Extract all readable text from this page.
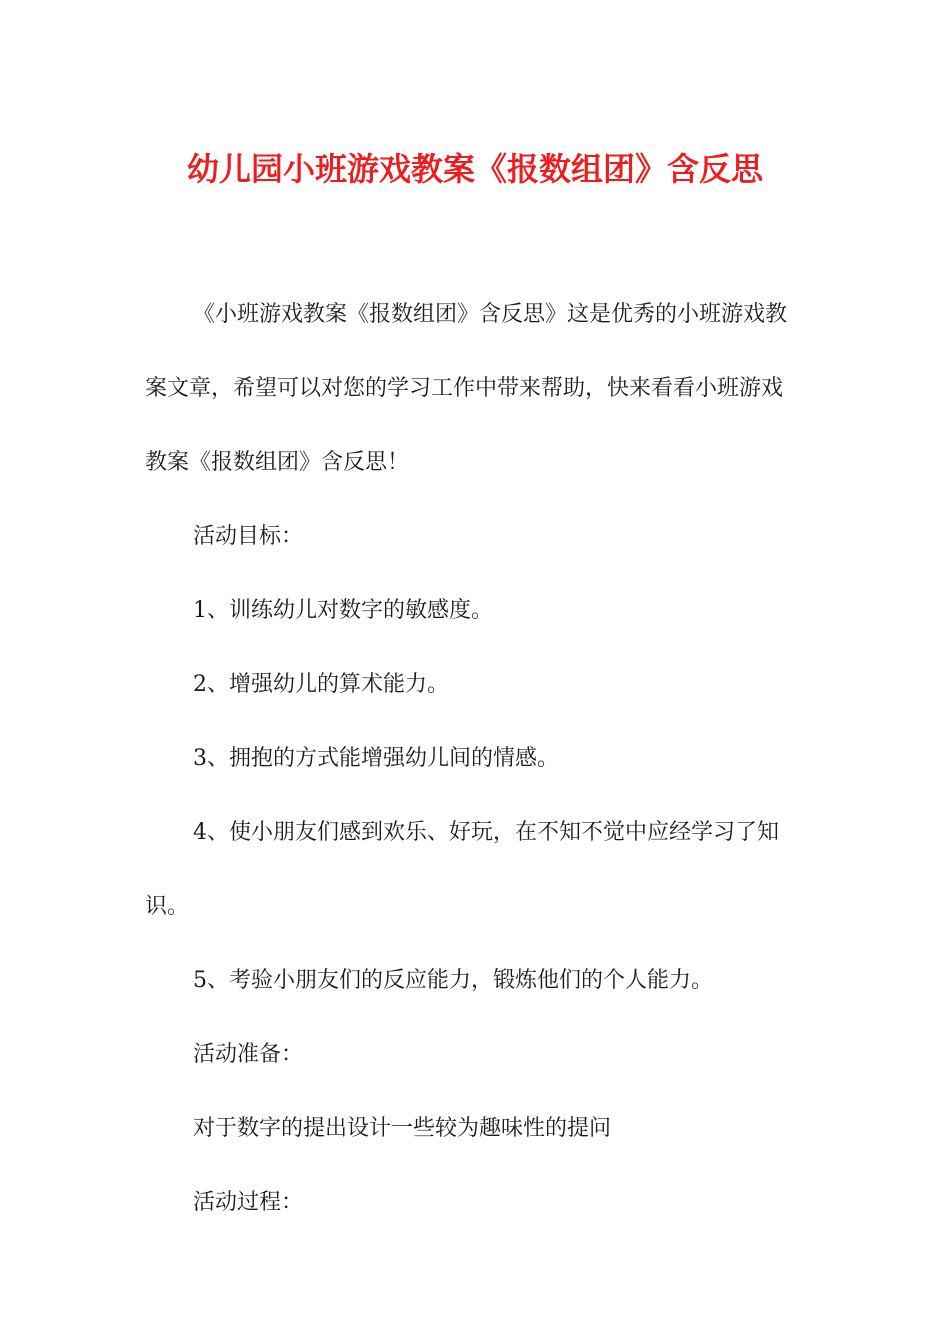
幼儿园小班游戏教案《报数组团》含反思

《小班游戏教案《报数组团》含反思》这是优秀的小班游戏教案文章，希望可以对您的学习工作中带来帮助，快来看看小班游戏教案《报数组团》含反思！

活动目标：

1、训练幼儿对数字的敏感度。

2、增强幼儿的算术能力。

3、拥抱的方式能增强幼儿间的情感。

4、使小朋友们感到欢乐、好玩，在不知不觉中应经学习了知识。

5、考验小朋友们的反应能力，锻炼他们的个人能力。

活动准备：

对于数字的提出设计一些较为趣味性的提问

活动过程：
